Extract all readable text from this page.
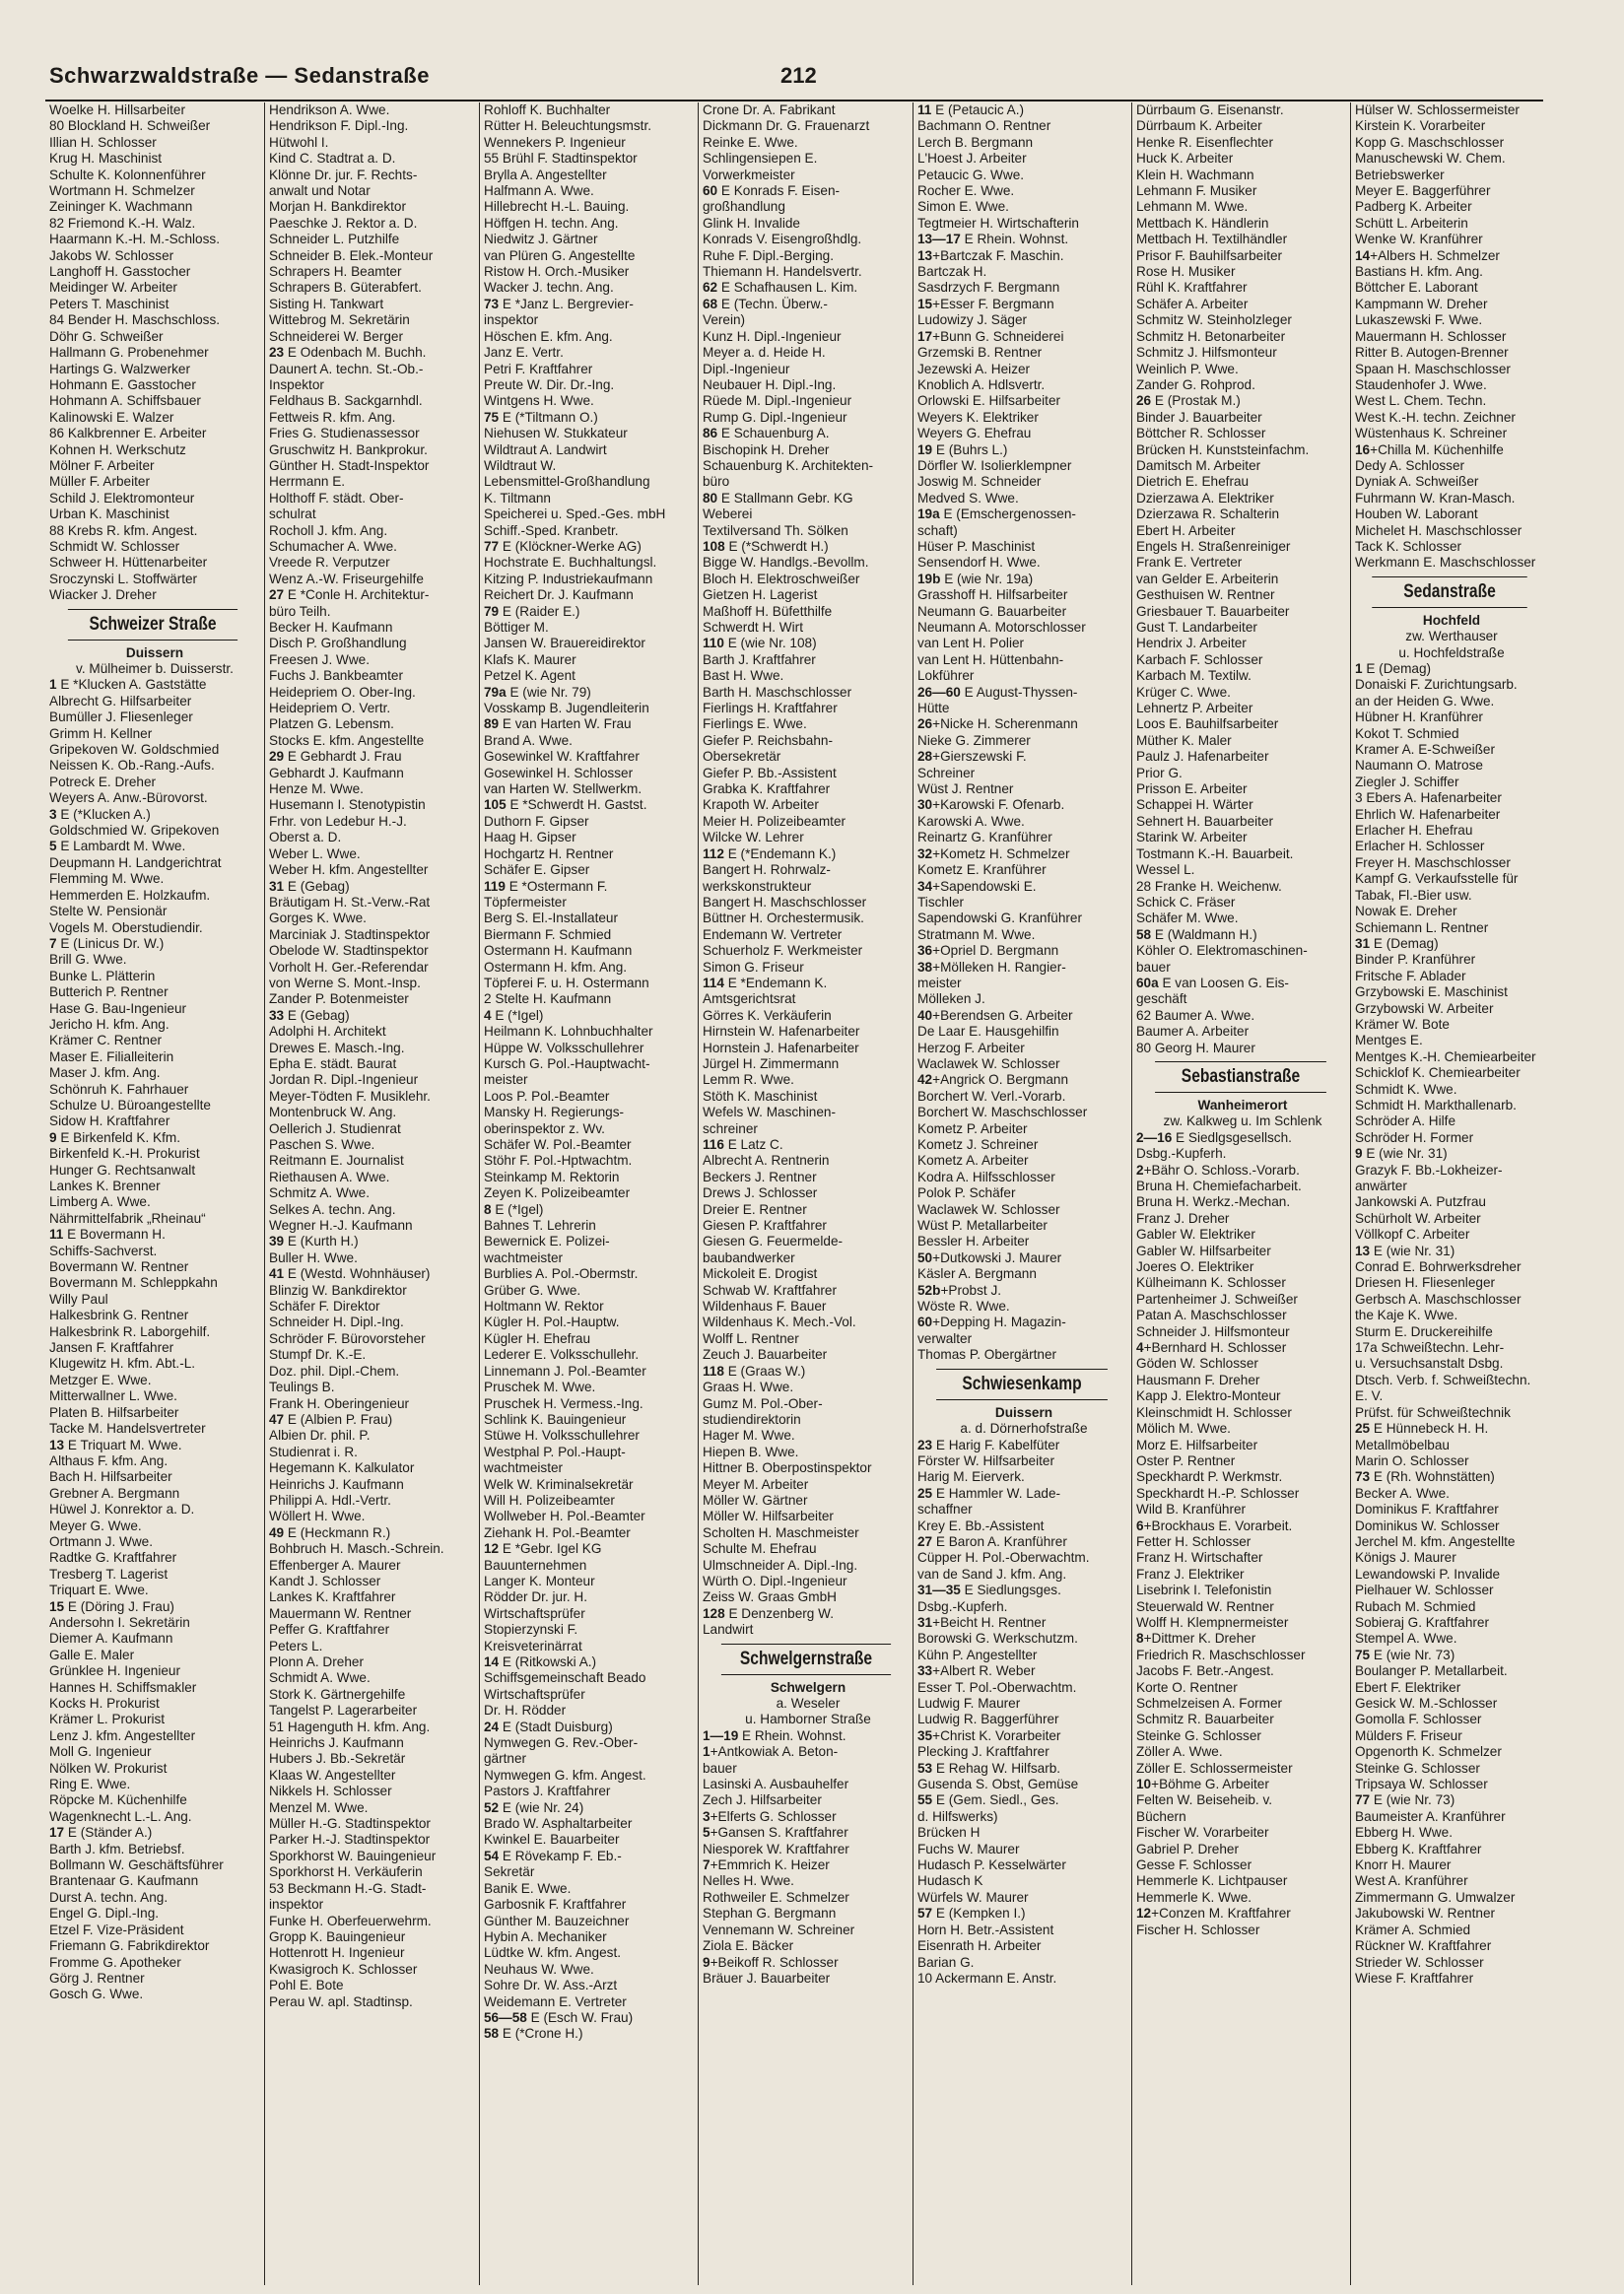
Schwarzwaldstraße — Sedanstraße	212
Woelke H. Hillsarbeiter
80 Blockland H. Schweißer
Illian H. Schlosser
Krug H. Maschinist
Schulte K. Kolonnenführer
Wortmann H. Schmelzer
Zeininger K. Wachmann
82 Friemond K.-H. Walz.
Haarmann K.-H. M.-Schloss.
Jakobs W. Schlosser
Langhoff H. Gasstocher
Meidinger W. Arbeiter
Peters T. Maschinist
84 Bender H. Maschschloss.
Döhr G. Schweißer
Hallmann G. Probenehmer
Hartings G. Walzwerker
Hohmann E. Gasstocher
Hohmann A. Schiffsbauer
Kalinowski E. Walzer
86 Kalkbrenner E. Arbeiter
Kohnen H. Werkschutz
Mölner F. Arbeiter
Müller F. Arbeiter
Schild J. Elektromonteur
Urban K. Maschinist
88 Krebs R. kfm. Angest.
Schmidt W. Schlosser
Schweer H. Hüttenarbeiter
Sroczynski L. Stoffwärter
Wiacker J. Dreher
Schweizer Straße
Duissern
v. Mülheimer b. Duisserstr.
1 E *Klucken A. Gaststätte
Albrecht G. Hilfsarbeiter
Bumüller J. Fliesenleger
Grimm H. Kellner
Gripekoven W. Goldschmied
Neissen K. Ob.-Rang.-Aufs.
Potreck E. Dreher
Weyers A. Anw.-Bürovorst.
3 E (*Klucken A.)
Goldschmied W. Gripekoven
5 E Lambardt M. Wwe.
Deupmann H. Landgerichtrat
Flemming M. Wwe.
Hemmerden E. Holzkaufm.
Stelte W. Pensionär
Vogels M. Oberstudiendir.
7 E (Linicus Dr. W.)
Brill G. Wwe.
Bunke L. Plätterin
Butterich P. Rentner
Hase G. Bau-Ingenieur
Jericho H. kfm. Ang.
Krämer C. Rentner
Maser E. Filialleiterin
Maser J. kfm. Ang.
Schönruh K. Fahrhauer
Schulze U. Büroangestellte
Sidow H. Kraftfahrer
9 E Birkenfeld K. Kfm.
Birkenfeld K.-H. Prokurist
Hunger G. Rechtsanwalt
Lankes K. Brenner
Limberg A. Wwe.
Nährmittelfabrik „Rheinau“
11 E Bovermann H.
Schiffs-Sachverst.
Bovermann W. Rentner
Bovermann M. Schleppkahn
Willy Paul
Halkesbrink G. Rentner
Halkesbrink R. Laborgehilf.
Jansen F. Kraftfahrer
Klugewitz H. kfm. Abt.-L.
Metzger E. Wwe.
Mitterwallner L. Wwe.
Platen B. Hilfsarbeiter
Tacke M. Handelsvertreter
13 E Triquart M. Wwe.
Althaus F. kfm. Ang.
Bach H. Hilfsarbeiter
Grebner A. Bergmann
Hüwel J. Konrektor a. D.
Meyer G. Wwe.
Ortmann J. Wwe.
Radtke G. Kraftfahrer
Tresberg T. Lagerist
Triquart E. Wwe.
15 E (Döring J. Frau)
Andersohn I. Sekretärin
Diemer A. Kaufmann
Galle E. Maler
Grünklee H. Ingenieur
Hannes H. Schiffsmakler
Kocks H. Prokurist
Krämer L. Prokurist
Lenz J. kfm. Angestellter
Moll G. Ingenieur
Nölken W. Prokurist
Ring E. Wwe.
Röpcke M. Küchenhilfe
Wagenknecht L.-L. Ang.
17 E (Ständer A.)
Barth J. kfm. Betriebsf.
Bollmann W. Geschäftsführer
Brantenaar G. Kaufmann
Durst A. techn. Ang.
Engel G. Dipl.-Ing.
Etzel F. Vize-Präsident
Friemann G. Fabrikdirektor
Fromme G. Apotheker
Görg J. Rentner
Gosch G. Wwe.
Hendrikson A. Wwe.
Hendrikson F. Dipl.-Ing.
Hütwohl I.
Kind C. Stadtrat a. D.
Klönne Dr. jur. F. Rechts-
anwalt und Notar
Morjan H. Bankdirektor
Paeschke J. Rektor a. D.
Schneider L. Putzhilfe
Schneider B. Elek.-Monteur
Schrapers H. Beamter
Schrapers B. Güterabfert.
Sisting H. Tankwart
Wittebrog M. Sekretärin
Schneiderei W. Berger
23 E Odenbach M. Buchh.
Daunert A. techn. St.-Ob.-
Inspektor
Feldhaus B. Sackgarnhdl.
Fettweis R. kfm. Ang.
Fries G. Studienassessor
Gruschwitz H. Bankprokur.
Günther H. Stadt-Inspektor
Herrmann E.
Holthoff F. städt. Ober-
schulrat
Rocholl J. kfm. Ang.
Schumacher A. Wwe.
Vreede R. Verputzer
Wenz A.-W. Friseurgehilfe
27 E *Conle H. Architektur-
büro Teilh.
Becker H. Kaufmann
Disch P. Großhandlung
Freesen J. Wwe.
Fuchs J. Bankbeamter
Heidepriem O. Ober-Ing.
Heidepriem O. Vertr.
Platzen G. Lebensm.
Stocks E. kfm. Angestellte
29 E Gebhardt J. Frau
Gebhardt J. Kaufmann
Henze M. Wwe.
Husemann I. Stenotypistin
Frhr. von Ledebur H.-J.
Oberst a. D.
Weber L. Wwe.
Weber H. kfm. Angestellter
31 E (Gebag)
Bräutigam H. St.-Verw.-Rat
Gorges K. Wwe.
Marciniak J. Stadtinspektor
Obelode W. Stadtinspektor
Vorholt H. Ger.-Referendar
von Werne S. Mont.-Insp.
Zander P. Botenmeister
33 E (Gebag)
Adolphi H. Architekt
Drewes E. Masch.-Ing.
Epha E. städt. Baurat
Jordan R. Dipl.-Ingenieur
Meyer-Tödten F. Musiklehr.
Montenbruck W. Ang.
Oellerich J. Studienrat
Paschen S. Wwe.
Reitmann E. Journalist
Riethausen A. Wwe.
Schmitz A. Wwe.
Selkes A. techn. Ang.
Wegner H.-J. Kaufmann
39 E (Kurth H.)
Buller H. Wwe.
41 E (Westd. Wohnhäuser)
Blinzig W. Bankdirektor
Schäfer F. Direktor
Schneider H. Dipl.-Ing.
Schröder F. Bürovorsteher
Stumpf Dr. K.-E.
Doz. phil. Dipl.-Chem.
Teulings B.
Frank H. Oberingenieur
47 E (Albien P. Frau)
Albien Dr. phil. P.
Studienrat i. R.
Hegemann K. Kalkulator
Heinrichs J. Kaufmann
Philippi A. Hdl.-Vertr.
Wöllert H. Wwe.
49 E (Heckmann R.)
Bohbruch H. Masch.-Schrein.
Effenberger A. Maurer
Kandt J. Schlosser
Lankes K. Kraftfahrer
Mauermann W. Rentner
Peffer G. Kraftfahrer
Peters L.
Plonn A. Dreher
Schmidt A. Wwe.
Stork K. Gärtnergehilfe
Tangelst P. Lagerarbeiter
51 Hagenguth H. kfm. Ang.
Heinrichs J. Kaufmann
Hubers J. Bb.-Sekretär
Klaas W. Angestellter
Nikkels H. Schlosser
Menzel M. Wwe.
Müller H.-G. Stadtinspektor
Parker H.-J. Stadtinspektor
Sporkhorst W. Bauingenieur
Sporkhorst H. Verkäuferin
53 Beckmann H.-G. Stadt-
inspektor
Funke H. Oberfeuerwehrm.
Gropp K. Bauingenieur
Hottenrott H. Ingenieur
Kwasigroch K. Schlosser
Pohl E. Bote
Perau W. apl. Stadtinsp.
Rohloff K. Buchhalter
Rütter H. Beleuchtungsmstr.
Wennekers P. Ingenieur
55 Brühl F. Stadtinspektor
Brylla A. Angestellter
Halfmann A. Wwe.
Hillebrecht H.-L. Bauing.
Höffgen H. techn. Ang.
Niedwitz J. Gärtner
van Plüren G. Angestellte
Ristow H. Orch.-Musiker
Wacker J. techn. Ang.
73 E *Janz L. Bergrevier-
inspektor
Höschen E. kfm. Ang.
Janz E. Vertr.
Petri F. Kraftfahrer
Preute W. Dir. Dr.-Ing.
Wintgens H. Wwe.
75 E (*Tiltmann O.)
Niehusen W. Stukkateur
Wildtraut A. Landwirt
Wildtraut W.
Lebensmittel-Großhandlung
K. Tiltmann
Speicherei u. Sped.-Ges. mbH
Schiff.-Sped. Kranbetr.
77 E (Klöckner-Werke AG)
Hochstrate E. Buchhaltungsl.
Kitzing P. Industriekaufmann
Reichert Dr. J. Kaufmann
79 E (Raider E.)
Böttiger M.
Jansen W. Brauereidirektor
Klafs K. Maurer
Petzel K. Agent
79a E (wie Nr. 79)
Vosskamp B. Jugendleiterin
89 E van Harten W. Frau
Brand A. Wwe.
Gosewinkel W. Kraftfahrer
Gosewinkel H. Schlosser
van Harten W. Stellwerkm.
105 E *Schwerdt H. Gastst.
Duthorn F. Gipser
Haag H. Gipser
Hochgartz H. Rentner
Schäfer E. Gipser
119 E *Ostermann F.
Töpfermeister
Berg S. El.-Installateur
Biermann F. Schmied
Ostermann H. Kaufmann
Ostermann H. kfm. Ang.
Töpferei F. u. H. Ostermann
2 Stelte H. Kaufmann
4 E (*Igel)
Heilmann K. Lohnbuchhalter
Hüppe W. Volksschullehrer
Kursch G. Pol.-Hauptwacht-
meister
Loos P. Pol.-Beamter
Mansky H. Regierungs-
oberinspektor z. Wv.
Schäfer W. Pol.-Beamter
Stöhr F. Pol.-Hptwachtm.
Steinkamp M. Rektorin
Zeyen K. Polizeibeamter
8 E (*Igel)
Bahnes T. Lehrerin
Bewernick E. Polizei-
wachtmeister
Burblies A. Pol.-Obermstr.
Grüber G. Wwe.
Holtmann W. Rektor
Kügler H. Pol.-Hauptw.
Kügler H. Ehefrau
Lederer E. Volksschullehr.
Linnemann J. Pol.-Beamter
Pruschek M. Wwe.
Pruschek H. Vermess.-Ing.
Schlink K. Bauingenieur
Stüwe H. Volksschullehrer
Westphal P. Pol.-Haupt-
wachtmeister
Welk W. Kriminalsekretär
Will H. Polizeibeamter
Wollweber H. Pol.-Beamter
Ziehank H. Pol.-Beamter
12 E *Gebr. Igel KG
Bauunternehmen
Langer K. Monteur
Rödder Dr. jur. H.
Wirtschaftsprüfer
Stopierzynski F.
Kreisveterinärrat
14 E (Ritkowski A.)
Schiffsgemeinschaft Beado
Wirtschaftsprüfer
Dr. H. Rödder
24 E (Stadt Duisburg)
Nymwegen G. Rev.-Ober-
gärtner
Nymwegen G. kfm. Angest.
Pastors J. Kraftfahrer
52 E (wie Nr. 24)
Brado W. Asphaltarbeiter
Kwinkel E. Bauarbeiter
54 E Rövekamp F. Eb.-
Sekretär
Banik E. Wwe.
Garbosnik F. Kraftfahrer
Günther M. Bauzeichner
Hybin A. Mechaniker
Lüdtke W. kfm. Angest.
Neuhaus W. Wwe.
Sohre Dr. W. Ass.-Arzt
Weidemann E. Vertreter
56—58 E (Esch W. Frau)
58 E (*Crone H.)
Crone Dr. A. Fabrikant
Dickmann Dr. G. Frauenarzt
Reinke E. Wwe.
Schlingensiepen E.
Vorwerkmeister
60 E Konrads F. Eisen-
großhandlung
Glink H. Invalide
Konrads V. Eisengroßhdlg.
Ruhe F. Dipl.-Berging.
Thiemann H. Handelsvertr.
62 E Schafhausen L. Kim.
68 E (Techn. Überw.-
Verein)
Kunz H. Dipl.-Ingenieur
Meyer a. d. Heide H.
Dipl.-Ingenieur
Neubauer H. Dipl.-Ing.
Rüede M. Dipl.-Ingenieur
Rump G. Dipl.-Ingenieur
86 E Schauenburg A.
Bischopink H. Dreher
Schauenburg K. Architekten-
büro
80 E Stallmann Gebr. KG
Weberei
Textilversand Th. Sölken
108 E (*Schwerdt H.)
Bigge W. Handlgs.-Bevollm.
Bloch H. Elektroschweißer
Gietzen H. Lagerist
Maßhoff H. Büfetthilfe
Schwerdt H. Wirt
110 E (wie Nr. 108)
Barth J. Kraftfahrer
Bast H. Wwe.
Barth H. Maschschlosser
Fierlings H. Kraftfahrer
Fierlings E. Wwe.
Giefer P. Reichsbahn-
Obersekretär
Giefer P. Bb.-Assistent
Grabka K. Kraftfahrer
Krapoth W. Arbeiter
Meier H. Polizeibeamter
Wilcke W. Lehrer
112 E (*Endemann K.)
Bangert H. Rohrwalz-
werkskonstrukteur
Bangert H. Maschschlosser
Büttner H. Orchestermusik.
Endemann W. Vertreter
Schuerholz F. Werkmeister
Simon G. Friseur
114 E *Endemann K.
Amtsgerichtsrat
Görres K. Verkäuferin
Hirnstein W. Hafenarbeiter
Hornstein J. Hafenarbeiter
Jürgel H. Zimmermann
Lemm R. Wwe.
Stöth K. Maschinist
Wefels W. Maschinen-
schreiner
116 E Latz C.
Albrecht A. Rentnerin
Beckers J. Rentner
Drews J. Schlosser
Dreier E. Rentner
Giesen P. Kraftfahrer
Giesen G. Feuermelde-
baubandwerker
Mickoleit E. Drogist
Schwab W. Kraftfahrer
Wildenhaus F. Bauer
Wildenhaus K. Mech.-Vol.
Wolff L. Rentner
Zeuch J. Bauarbeiter
118 E (Graas W.)
Graas H. Wwe.
Gumz M. Pol.-Ober-
studiendirektorin
Hager M. Wwe.
Hiepen B. Wwe.
Hittner B. Oberpostinspektor
Meyer M. Arbeiter
Möller W. Gärtner
Möller W. Hilfsarbeiter
Scholten H. Maschmeister
Schulte M. Ehefrau
Ulmschneider A. Dipl.-Ing.
Würth O. Dipl.-Ingenieur
Zeiss W. Graas GmbH
128 E Denzenberg W.
Landwirt
Schwelgernstraße
Schwelgern
a. Weseler
u. Hamborner Straße
1—19 E Rhein. Wohnst.
1+Antkowiak A. Beton-
bauer
Lasinski A. Ausbauhelfer
Zech J. Hilfsarbeiter
3+Elferts G. Schlosser
5+Gansen S. Kraftfahrer
Niesporek W. Kraftfahrer
7+Emmrich K. Heizer
Nelles H. Wwe.
Rothweiler E. Schmelzer
Stephan G. Bergmann
Vennemann W. Schreiner
Ziola E. Bäcker
9+Beikoff R. Schlosser
Bräuer J. Bauarbeiter
11 E (Petaucic A.)
Bachmann O. Rentner
Lerch B. Bergmann
L'Hoest J. Arbeiter
Petaucic G. Wwe.
Rocher E. Wwe.
Simon E. Wwe.
Tegtmeier H. Wirtschafterin
13—17 E Rhein. Wohnst.
13+Bartczak F. Maschin.
Bartczak H.
Sasdrzych F. Bergmann
15+Esser F. Bergmann
Ludowizy J. Säger
17+Bunn G. Schneiderei
Grzemski B. Rentner
Jezewski A. Heizer
Knoblich A. Hdlsvertr.
Orlowski E. Hilfsarbeiter
Weyers K. Elektriker
Weyers G. Ehefrau
19 E (Buhrs L.)
Dörfler W. Isolierklempner
Joswig M. Schneider
Medved S. Wwe.
19a E (Emschergenossen-
schaft)
Hüser P. Maschinist
Sensendorf H. Wwe.
19b E (wie Nr. 19a)
Grasshoff H. Hilfsarbeiter
Neumann G. Bauarbeiter
Neumann A. Motorschlosser
van Lent H. Polier
van Lent H. Hüttenbahn-
Lokführer
26—60 E August-Thyssen-
Hütte
26+Nicke H. Scherenmann
Nieke G. Zimmerer
28+Gierszewski F.
Schreiner
Wüst J. Rentner
30+Karowski F. Ofenarb.
Karowski A. Wwe.
Reinartz G. Kranführer
32+Kometz H. Schmelzer
Kometz E. Kranführer
34+Sapendowski E.
Tischler
Sapendowski G. Kranführer
Stratmann M. Wwe.
36+Opriel D. Bergmann
38+Mölleken H. Rangier-
meister
Mölleken J.
40+Berendsen G. Arbeiter
De Laar E. Hausgehilfin
Herzog F. Arbeiter
Waclawek W. Schlosser
42+Angrick O. Bergmann
Borchert W. Verl.-Vorarb.
Borchert W. Maschschlosser
Kometz P. Arbeiter
Kometz J. Schreiner
Kometz A. Arbeiter
Kodra A. Hilfsschlosser
Polok P. Schäfer
Waclawek W. Schlosser
Wüst P. Metallarbeiter
Bessler H. Arbeiter
50+Dutkowski J. Maurer
Käsler A. Bergmann
52b+Probst J.
Wöste R. Wwe.
60+Depping H. Magazin-
verwalter
Thomas P. Obergärtner
Schwiesenkamp
Duissern
a. d. Dörnerhofstraße
23 E Harig F. Kabelfüter
Förster W. Hilfsarbeiter
Harig M. Eierverk.
25 E Hammler W. Lade-
schaffner
Krey E. Bb.-Assistent
27 E Baron A. Kranführer
Cüpper H. Pol.-Oberwachtm.
van de Sand J. kfm. Ang.
31—35 E Siedlungsges.
Dsbg.-Kupferh.
31+Beicht H. Rentner
Borowski G. Werkschutzm.
Kühn P. Angestellter
33+Albert R. Weber
Esser T. Pol.-Oberwachtm.
Ludwig F. Maurer
Ludwig R. Baggerführer
35+Christ K. Vorarbeiter
Plecking J. Kraftfahrer
53 E Rehag W. Hilfsarb.
Gusenda S. Obst, Gemüse
55 E (Gem. Siedl., Ges.
d. Hilfswerks)
Brücken H
Fuchs W. Maurer
Hudasch P. Kesselwärter
Hudasch K
Würfels W. Maurer
57 E (Kempken I.)
Horn H. Betr.-Assistent
Eisenrath H. Arbeiter
Barian G.
10 Ackermann E. Anstr.
Dürrbaum G. Eisenanstr.
Dürrbaum K. Arbeiter
Henke R. Eisenflechter
Huck K. Arbeiter
Klein H. Wachmann
Lehmann F. Musiker
Lehmann M. Wwe.
Mettbach K. Händlerin
Mettbach H. Textilhändler
Prisor F. Bauhilfsarbeiter
Rose H. Musiker
Rühl K. Kraftfahrer
Schäfer A. Arbeiter
Schmitz W. Steinholzleger
Schmitz H. Betonarbeiter
Schmitz J. Hilfsmonteur
Weinlich P. Wwe.
Zander G. Rohprod.
26 E (Prostak M.)
Binder J. Bauarbeiter
Böttcher R. Schlosser
Brücken H. Kunststeinfachm.
Damitsch M. Arbeiter
Dietrich E. Ehefrau
Dzierzawa A. Elektriker
Dzierzawa R. Schalterin
Ebert H. Arbeiter
Engels H. Straßenreiniger
Frank E. Vertreter
van Gelder E. Arbeiterin
Gesthuisen W. Rentner
Griesbauer T. Bauarbeiter
Gust T. Landarbeiter
Hendrix J. Arbeiter
Karbach F. Schlosser
Karbach M. Textilw.
Krüger C. Wwe.
Lehnertz P. Arbeiter
Loos E. Bauhilfsarbeiter
Müther K. Maler
Paulz J. Hafenarbeiter
Prior G.
Prisson E. Arbeiter
Schappei H. Wärter
Sehnert H. Bauarbeiter
Starink W. Arbeiter
Tostmann K.-H. Bauarbeit.
Wessel L.
28 Franke H. Weichenw.
Schick C. Fräser
Schäfer M. Wwe.
58 E (Waldmann H.)
Köhler O. Elektromaschinen-
bauer
60a E van Loosen G. Eis-
geschäft
62 Baumer A. Wwe.
Baumer A. Arbeiter
80 Georg H. Maurer
Sebastianstraße
Wanheimerort
zw. Kalkweg u. Im Schlenk
2—16 E Siedlgsgesellsch.
Dsbg.-Kupferh.
2+Bähr O. Schloss.-Vorarb.
Bruna H. Chemiefacharbeit.
Bruna H. Werkz.-Mechan.
Franz J. Dreher
Gabler W. Elektriker
Gabler W. Hilfsarbeiter
Joeres O. Elektriker
Külheimann K. Schlosser
Partenheimer J. Schweißer
Patan A. Maschschlosser
Schneider J. Hilfsmonteur
4+Bernhard H. Schlosser
Göden W. Schlosser
Hausmann F. Dreher
Kapp J. Elektro-Monteur
Kleinschmidt H. Schlosser
Mölich M. Wwe.
Morz E. Hilfsarbeiter
Oster P. Rentner
Speckhardt P. Werkmstr.
Speckhardt H.-P. Schlosser
Wild B. Kranführer
6+Brockhaus E. Vorarbeit.
Fetter H. Schlosser
Franz H. Wirtschafter
Franz J. Elektriker
Lisebrink I. Telefonistin
Steuerwald W. Rentner
Wolff H. Klempnermeister
8+Dittmer K. Dreher
Friedrich R. Maschschlosser
Jacobs F. Betr.-Angest.
Korte O. Rentner
Schmelzeisen A. Former
Schmitz R. Bauarbeiter
Steinke G. Schlosser
Zöller A. Wwe.
Zöller E. Schlossermeister
10+Böhme G. Arbeiter
Felten W. Beiseheib. v.
Büchern
Fischer W. Vorarbeiter
Gabriel P. Dreher
Gesse F. Schlosser
Hemmerle K. Lichtpauser
Hemmerle K. Wwe.
12+Conzen M. Kraftfahrer
Fischer H. Schlosser
Hülser W. Schlossermeister
Kirstein K. Vorarbeiter
Kopp G. Maschschlosser
Manuschewski W. Chem.
Betriebswerker
Meyer E. Baggerführer
Padberg K. Arbeiter
Schütt L. Arbeiterin
Wenke W. Kranführer
14+Albers H. Schmelzer
Bastians H. kfm. Ang.
Böttcher E. Laborant
Kampmann W. Dreher
Lukaszewski F. Wwe.
Mauermann H. Schlosser
Ritter B. Autogen-Brenner
Spaan H. Maschschlosser
Staudenhofer J. Wwe.
West L. Chem. Techn.
West K.-H. techn. Zeichner
Wüstenhaus K. Schreiner
16+Chilla M. Küchenhilfe
Dedy A. Schlosser
Dyniak A. Schweißer
Fuhrmann W. Kran-Masch.
Houben W. Laborant
Michelet H. Maschschlosser
Tack K. Schlosser
Werkmann E. Maschschlosser
Sedanstraße
Hochfeld
zw. Werthauser
u. Hochfeldstraße
1 E (Demag)
Donaiski F. Zurichtungsarb.
an der Heiden G. Wwe.
Hübner H. Kranführer
Kokot T. Schmied
Kramer A. E-Schweißer
Naumann O. Matrose
Ziegler J. Schiffer
3 Ebers A. Hafenarbeiter
Ehrlich W. Hafenarbeiter
Erlacher H. Ehefrau
Erlacher H. Schlosser
Freyer H. Maschschlosser
Kampf G. Verkaufsstelle für
Tabak, Fl.-Bier usw.
Nowak E. Dreher
Schiemann L. Rentner
31 E (Demag)
Binder P. Kranführer
Fritsche F. Ablader
Grzybowski E. Maschinist
Grzybowski W. Arbeiter
Krämer W. Bote
Mentges E.
Mentges K.-H. Chemiearbeiter
Schicklof K. Chemiearbeiter
Schmidt K. Wwe.
Schmidt H. Markthallenarb.
Schröder A. Hilfe
Schröder H. Former
9 E (wie Nr. 31)
Grazyk F. Bb.-Lokheizer-
anwärter
Jankowski A. Putzfrau
Schürholt W. Arbeiter
Völlkopf C. Arbeiter
13 E (wie Nr. 31)
Conrad E. Bohrwerksdreher
Driesen H. Fliesenleger
Gerbsch A. Maschschlosser
the Kaje K. Wwe.
Sturm E. Druckereihilfe
17a Schweißtechn. Lehr-
u. Versuchsanstalt Dsbg.
Dtsch. Verb. f. Schweißtechn.
E. V.
Prüfst. für Schweißtechnik
25 E Hünnebeck H. H.
Metallmöbelbau
Marin O. Schlosser
73 E (Rh. Wohnstätten)
Becker A. Wwe.
Dominikus F. Kraftfahrer
Dominikus W. Schlosser
Jerchel M. kfm. Angestellte
Königs J. Maurer
Lewandowski P. Invalide
Pielhauer W. Schlosser
Rubach M. Schmied
Sobieraj G. Kraftfahrer
Stempel A. Wwe.
75 E (wie Nr. 73)
Boulanger P. Metallarbeit.
Ebert F. Elektriker
Gesick W. M.-Schlosser
Gomolla F. Schlosser
Mülders F. Friseur
Opgenorth K. Schmelzer
Steinke G. Schlosser
Tripsaya W. Schlosser
77 E (wie Nr. 73)
Baumeister A. Kranführer
Ebberg H. Wwe.
Ebberg K. Kraftfahrer
Knorr H. Maurer
West A. Kranführer
Zimmermann G. Umwalzer
Jakubowski W. Rentner
Krämer A. Schmied
Rückner W. Kraftfahrer
Strieder W. Schlosser
Wiese F. Kraftfahrer
